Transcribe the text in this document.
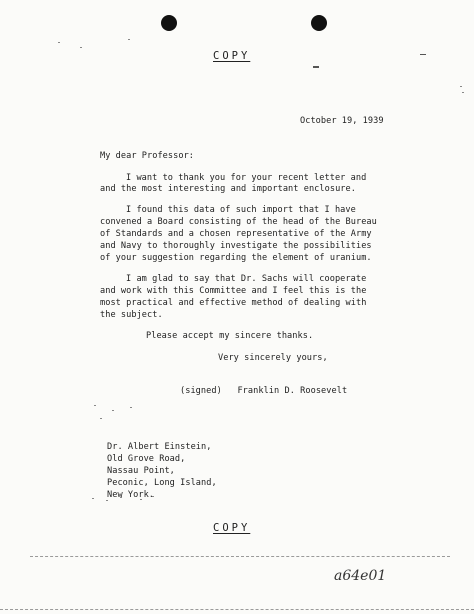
COPY
October 19, 1939
My dear Professor:
I want to thank you for your recent letter and
and the most interesting and important enclosure.
I found this data of such import that I have
convened a Board consisting of the head of the Bureau
of Standards and a chosen representative of the Army
and Navy to thoroughly investigate the possibilities
of your suggestion regarding the element of uranium.
I am glad to say that Dr. Sachs will cooperate
and work with this Committee and I feel this is the
most practical and effective method of dealing with
the subject.
Please accept my sincere thanks.
Very sincerely yours,
(signed)   Franklin D. Roosevelt
Dr. Albert Einstein,
Old Grove Road,
Nassau Point,
Peconic, Long Island,
New York.
COPY
a64e01
